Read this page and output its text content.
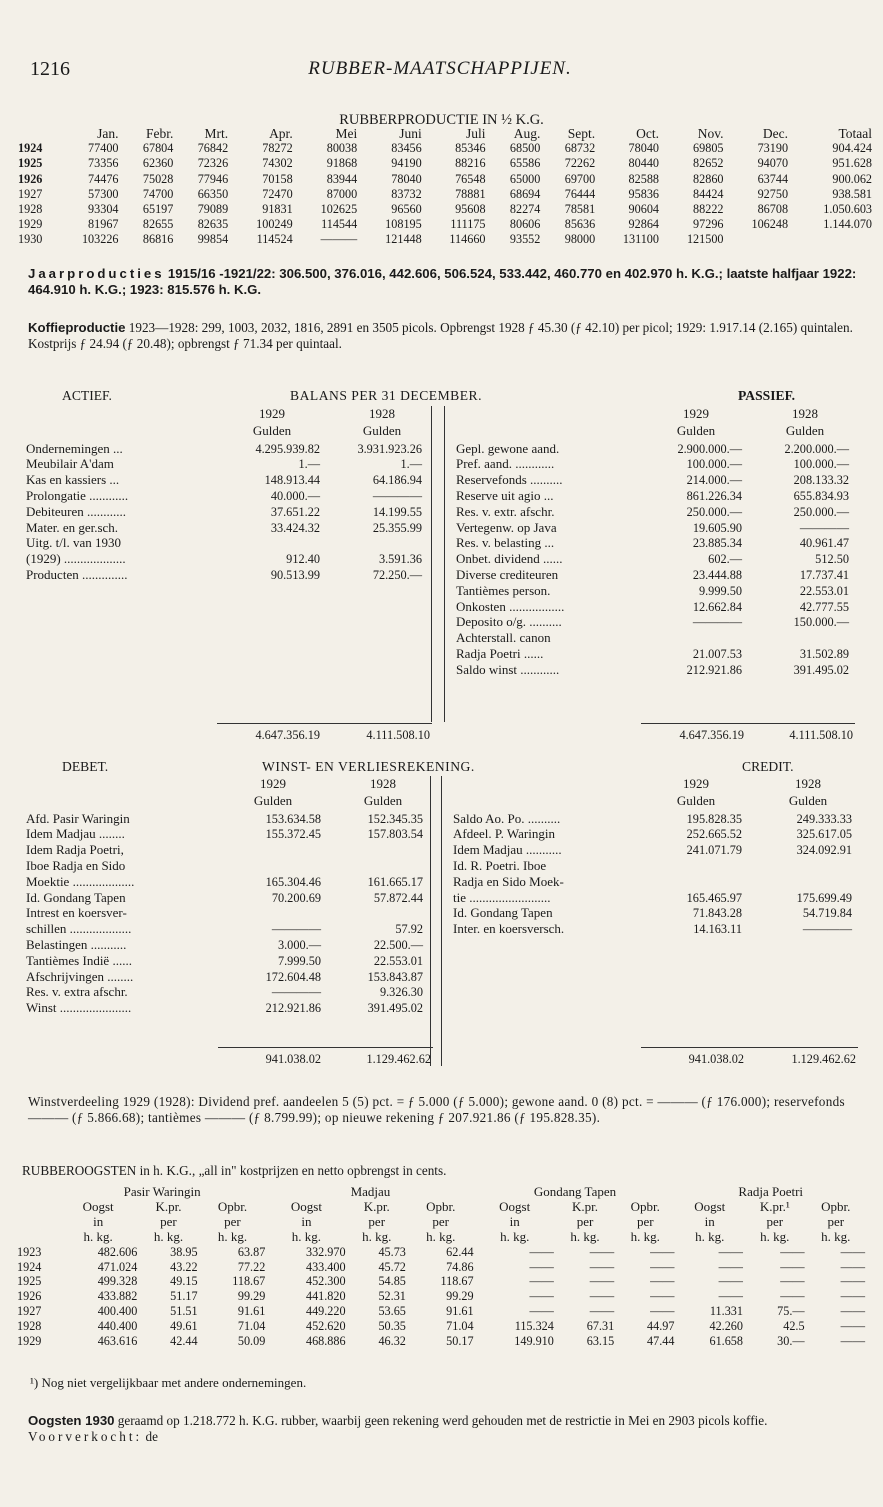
1216	RUBBER-MAATSCHAPPIJEN.
RUBBERPRODUCTIE IN ½ K.G.
	Jan.	Febr.	Mrt.	Apr.	Mei	Juni	Juli	Aug.	Sept.	Oct.	Nov.	Dec.	Totaal
1924	77400	67804	76842	78272	80038	83456	85346	68500	68732	78040	69805	73190	904.424
1925	73356	62360	72326	74302	91868	94190	88216	65586	72262	80440	82652	94070	951.628
1926	74476	75028	77946	70158	83944	78040	76548	65000	69700	82588	82860	63744	900.062
1927	57300	74700	66350	72470	87000	83732	78881	68694	76444	95836	84424	92750	938.581
1928	93304	65197	79089	91831	102625	96560	95608	82274	78581	90604	88222	86708	1.050.603
1929	81967	82655	82635	100249	114544	108195	111175	80606	85636	92864	97296	106248	1.144.070
1930	103226	86816	99854	114524	———	121448	114660	93552	98000	131100	121500		
Jaarproducties 1915/16 -1921/22: 306.500, 376.016, 442.606, 506.524, 533.442, 460.770 en 402.970 h. K.G.; laatste halfjaar 1922: 464.910 h. K.G.; 1923: 815.576 h. K.G.
Koffieproductie 1923—1928: 299, 1003, 2032, 1816, 2891 en 3505 picols. Opbrengst 1928 ƒ 45.30 (ƒ 42.10) per picol; 1929: 1.917.14 (2.165) quintalen. Kostprijs ƒ 24.94 (ƒ 20.48); opbrengst ƒ 71.34 per quintaal.
ACTIEF.	BALANS PER 31 DECEMBER.	PASSIEF.
1929
Gulden
1928
Gulden
1929
Gulden
1928
Gulden
Ondernemingen ...	4.295.939.82	3.931.923.26
Meubilair A'dam	1.—	1.—
Kas en kassiers ...	148.913.44	64.186.94
Prolongatie ............	40.000.—	————
Debiteuren ............	37.651.22	14.199.55
Mater. en ger.sch.	33.424.32	25.355.99
Uitg. t/l. van 1930
(1929) ...................	912.40	3.591.36
Producten ..............	90.513.99	72.250.—
Gepl. gewone aand.	2.900.000.—	2.200.000.—
Pref. aand. ............	100.000.—	100.000.—
Reservefonds ..........	214.000.—	208.133.32
Reserve uit agio ...	861.226.34	655.834.93
Res. v. extr. afschr.	250.000.—	250.000.—
Vertegenw. op Java	19.605.90	————
Res. v. belasting ...	23.885.34	40.961.47
Onbet. dividend ......	602.—	512.50
Diverse crediteuren	23.444.88	17.737.41
Tantièmes person.	9.999.50	22.553.01
Onkosten .................	12.662.84	42.777.55
Deposito o/g. ..........	————	150.000.—
Achterstall. canon
Radja Poetri ......	21.007.53	31.502.89
Saldo winst ............	212.921.86	391.495.02
4.647.356.19	4.111.508.10	4.647.356.19	4.111.508.10
DEBET.	WINST- EN VERLIESREKENING.	CREDIT.
1929
Gulden
1928
Gulden
1929
Gulden
1928
Gulden
Afd. Pasir Waringin	153.634.58	152.345.35
Idem Madjau ........	155.372.45	157.803.54
Idem Radja Poetri,
Iboe Radja en Sido
Moektie ...................	165.304.46	161.665.17
Id. Gondang Tapen	70.200.69	57.872.44
Intrest en koersver-
schillen ...................	————	57.92
Belastingen ...........	3.000.—	22.500.—
Tantièmes Indië ......	7.999.50	22.553.01
Afschrijvingen ........	172.604.48	153.843.87
Res. v. extra afschr.	————	9.326.30
Winst ......................	212.921.86	391.495.02
Saldo Ao. Po. ..........	195.828.35	249.333.33
Afdeel. P. Waringin	252.665.52	325.617.05
Idem Madjau ...........	241.071.79	324.092.91
Id. R. Poetri. Iboe
Radja en Sido Moek-
tie .........................	165.465.97	175.699.49
Id. Gondang Tapen	71.843.28	54.719.84
Inter. en koersversch.	14.163.11	————
941.038.02	1.129.462.62	941.038.02	1.129.462.62
Winstverdeeling 1929 (1928): Dividend pref. aandeelen 5 (5) pct. = ƒ 5.000 (ƒ 5.000); gewone aand. 0 (8) pct. = ——— (ƒ 176.000); reservefonds ——— (ƒ 5.866.68); tantièmes ——— (ƒ 8.799.99); op nieuwe rekening ƒ 207.921.86 (ƒ 195.828.35).
RUBBEROOGSTEN in h. K.G., „all in" kostprijzen en netto opbrengst in cents.
	Pasir Waringin			Madjau			Gondang Tapen			Radja Poetri		
	Oogst	K.pr.	Opbr.	Oogst	K.pr.	Opbr.	Oogst	K.pr.	Opbr.	Oogst	K.pr.¹	Opbr.
	in	per	per	in	per	per	in	per	per	in	per	per
	h. kg.	h. kg.	h. kg.	h. kg.	h. kg.	h. kg.	h. kg.	h. kg.	h. kg.	h. kg.	h. kg.	h. kg.
1923	482.606	38.95	63.87	332.970	45.73	62.44	——	——	——	——	——	——
1924	471.024	43.22	77.22	433.400	45.72	74.86	——	——	——	——	——	——
1925	499.328	49.15	118.67	452.300	54.85	118.67	——	——	——	——	——	——
1926	433.882	51.17	99.29	441.820	52.31	99.29	——	——	——	——	——	——
1927	400.400	51.51	91.61	449.220	53.65	91.61	——	——	——	11.331	75.—	——
1928	440.400	49.61	71.04	452.620	50.35	71.04	115.324	67.31	44.97	42.260	42.5	——
1929	463.616	42.44	50.09	468.886	46.32	50.17	149.910	63.15	47.44	61.658	30.—	——
¹) Nog niet vergelijkbaar met andere ondernemingen.
Oogsten 1930 geraamd op 1.218.772 h. K.G. rubber, waarbij geen rekening werd gehouden met de restrictie in Mei en 2903 picols koffie. Voorverkocht: de
